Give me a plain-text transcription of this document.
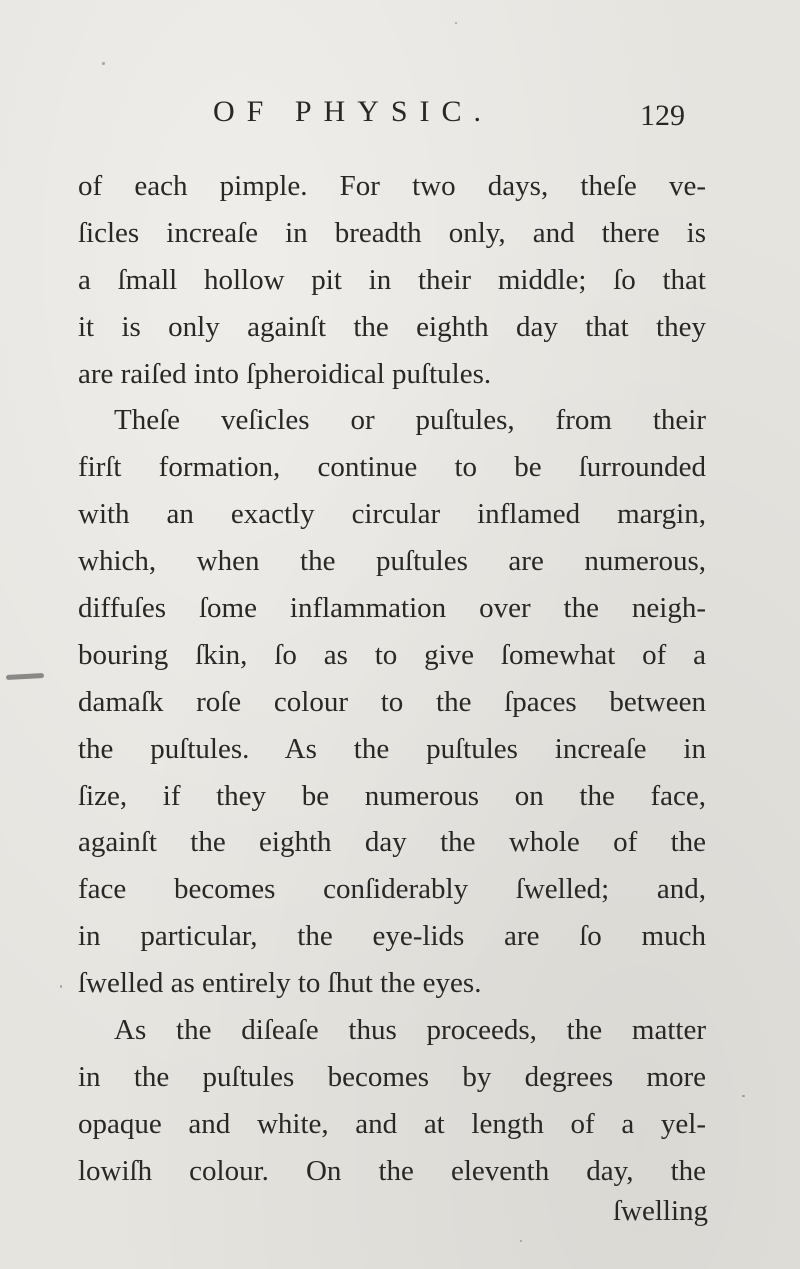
OF PHYSIC.	129
of each pimple. For two days, theſe ve-
ſicles increaſe in breadth only, and there is
a ſmall hollow pit in their middle; ſo that
it is only againſt the eighth day that they
are raiſed into ſpheroidical puſtules.
Theſe veſicles or puſtules, from their
firſt formation, continue to be ſurrounded
with an exactly circular inflamed margin,
which, when the puſtules are numerous,
diffuſes ſome inflammation over the neigh-
bouring ſkin, ſo as to give ſomewhat of a
damaſk roſe colour to the ſpaces between
the puſtules. As the puſtules increaſe in
ſize, if they be numerous on the face,
againſt the eighth day the whole of the
face becomes conſiderably ſwelled; and,
in particular, the eye-lids are ſo much
ſwelled as entirely to ſhut the eyes.
As the diſeaſe thus proceeds, the matter
in the puſtules becomes by degrees more
opaque and white, and at length of a yel-
lowiſh colour. On the eleventh day, the
ſwelling
